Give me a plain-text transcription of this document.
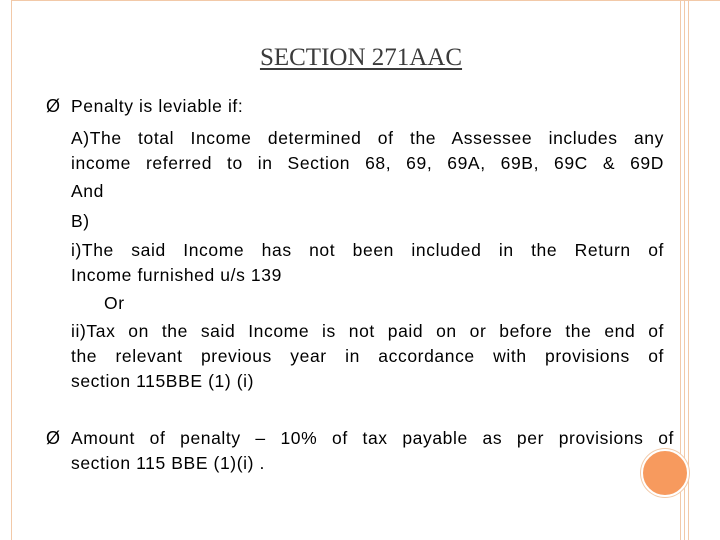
SECTION 271AAC
Ø Penalty is leviable if:
A)The total Income determined of the Assessee includes any
income referred to in Section 68, 69, 69A, 69B, 69C & 69D
And
B)
i)The said Income has not been included in the Return of
Income furnished u/s 139
Or
ii)Tax on the said Income is not paid on or before the end of
the relevant previous year in accordance with provisions of
section 115BBE (1) (i)
Ø Amount of penalty – 10% of tax payable as per provisions of
section 115 BBE (1)(i) .
